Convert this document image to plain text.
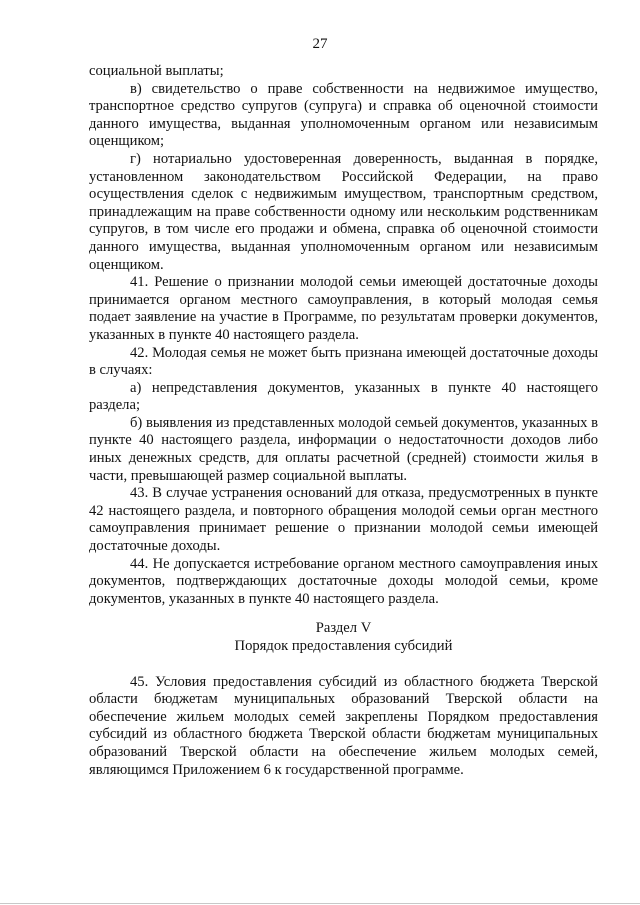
27

социальной выплаты;

в) свидетельство о праве собственности на недвижимое имущество, транспортное средство супругов (супруга) и справка об оценочной стоимости данного имущества, выданная уполномоченным органом или независимым оценщиком;

г) нотариально удостоверенная доверенность, выданная в порядке, установленном законодательством Российской Федерации, на право осуществления сделок с недвижимым имуществом, транспортным средством, принадлежащим на праве собственности одному или нескольким родственникам супругов, в том числе его продажи и обмена, справка об оценочной стоимости данного имущества, выданная уполномоченным органом или независимым оценщиком.

41. Решение о признании молодой семьи имеющей достаточные доходы принимается органом местного самоуправления, в который молодая семья подает заявление на участие в Программе, по результатам проверки документов, указанных в пункте 40 настоящего раздела.

42. Молодая семья не может быть признана имеющей достаточные доходы в случаях:

а) непредставления документов, указанных в пункте 40 настоящего раздела;

б) выявления из представленных молодой семьей документов, указанных в пункте 40 настоящего раздела, информации о недостаточности доходов либо иных денежных средств, для оплаты расчетной (средней) стоимости жилья в части, превышающей размер социальной выплаты.

43. В случае устранения оснований для отказа, предусмотренных в пункте 42 настоящего раздела, и повторного обращения молодой семьи орган местного самоуправления принимает решение о признании молодой семьи имеющей достаточные доходы.

44. Не допускается истребование органом местного самоуправления иных документов, подтверждающих достаточные доходы молодой семьи, кроме документов, указанных в пункте 40 настоящего раздела.

Раздел V

Порядок предоставления субсидий

45. Условия предоставления субсидий из областного бюджета Тверской области бюджетам муниципальных образований Тверской области на обеспечение жильем молодых семей закреплены Порядком предоставления субсидий из областного бюджета Тверской области бюджетам муниципальных образований Тверской области на обеспечение жильем молодых семей, являющимся Приложением 6 к государственной программе.
